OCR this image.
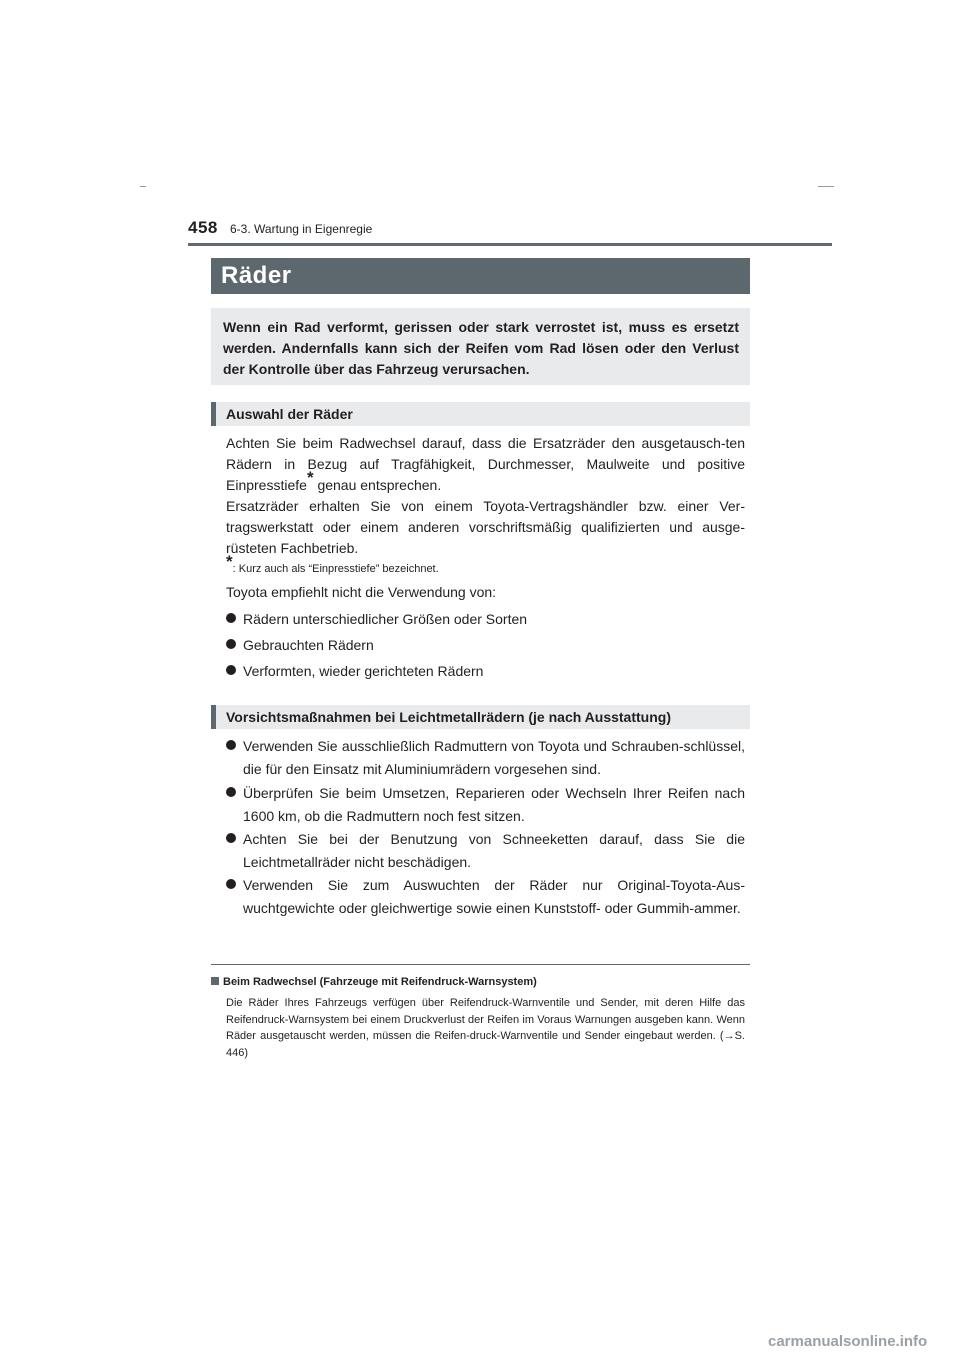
458 6-3. Wartung in Eigenregie
Räder
Wenn ein Rad verformt, gerissen oder stark verrostet ist, muss es ersetzt werden. Andernfalls kann sich der Reifen vom Rad lösen oder den Verlust der Kontrolle über das Fahrzeug verursachen.
Auswahl der Räder

Achten Sie beim Radwechsel darauf, dass die Ersatzräder den ausgetausch-ten Rädern in Bezug auf Tragfähigkeit, Durchmesser, Maulweite und positive Einpresstiefe* genau entsprechen.

Ersatzräder erhalten Sie von einem Toyota-Vertragshändler bzw. einer Ver-tragswerkstatt oder einem anderen vorschriftsmäßig qualifizierten und ausge-rüsteten Fachbetrieb.

*: Kurz auch als “Einpresstiefe” bezeichnet.
Toyota empfiehlt nicht die Verwendung von:
Rädern unterschiedlicher Größen oder Sorten
Gebrauchten Rädern
Verformten, wieder gerichteten Rädern
Vorsichtsmaßnahmen bei Leichtmetallrädern (je nach Ausstattung)
Verwenden Sie ausschließlich Radmuttern von Toyota und Schrauben-schlüssel, die für den Einsatz mit Aluminiumrädern vorgesehen sind.
Überprüfen Sie beim Umsetzen, Reparieren oder Wechseln Ihrer Reifen nach 1600 km, ob die Radmuttern noch fest sitzen.
Achten Sie bei der Benutzung von Schneeketten darauf, dass Sie die Leichtmetallräder nicht beschädigen.
Verwenden Sie zum Auswuchten der Räder nur Original-Toyota-Aus-wuchtgewichte oder gleichwertige sowie einen Kunststoff- oder Gummih-ammer.
Beim Radwechsel (Fahrzeuge mit Reifendruck-Warnsystem)

Die Räder Ihres Fahrzeugs verfügen über Reifendruck-Warnventile und Sender, mit deren Hilfe das Reifendruck-Warnsystem bei einem Druckverlust der Reifen im Voraus Warnungen ausgeben kann. Wenn Räder ausgetauscht werden, müssen die Reifen-druck-Warnventile und Sender eingebaut werden. (→S. 446)

carmanualsonline.info
